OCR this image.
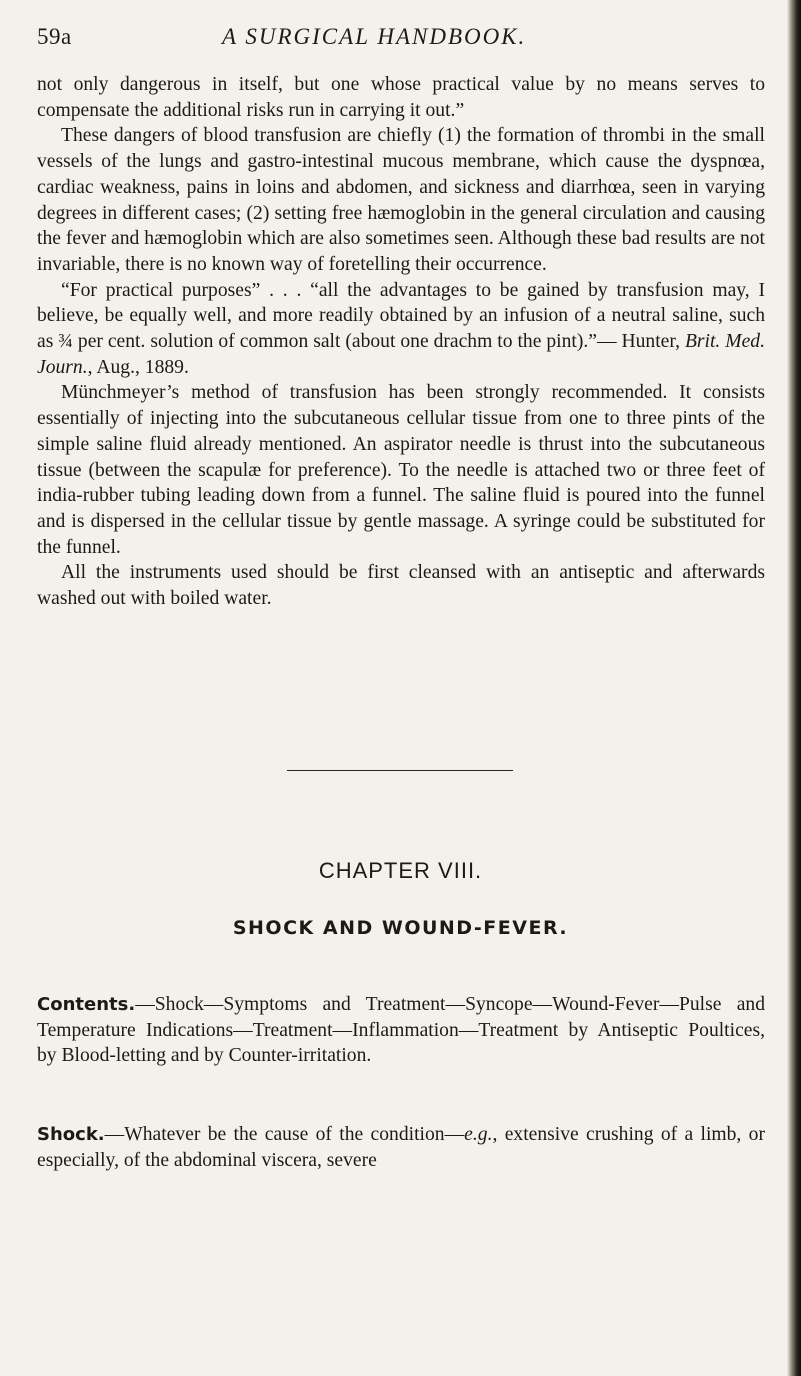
59a	A SURGICAL HANDBOOK.

not only dangerous in itself, but one whose practical value by no means serves to compensate the additional risks run in carrying it out.”

These dangers of blood transfusion are chiefly (1) the formation of thrombi in the small vessels of the lungs and gastro-intestinal mucous membrane, which cause the dyspnœa, cardiac weakness, pains in loins and abdomen, and sickness and diarrhœa, seen in varying degrees in different cases; (2) setting free hæmoglobin in the general circulation and causing the fever and hæmoglobin which are also sometimes seen. Although these bad results are not invariable, there is no known way of foretelling their occurrence.

“For practical purposes” . . . “all the advantages to be gained by transfusion may, I believe, be equally well, and more readily obtained by an infusion of a neutral saline, such as ¾ per cent. solution of common salt (about one drachm to the pint).”— Hunter, Brit. Med. Journ., Aug., 1889.

Münchmeyer’s method of transfusion has been strongly recommended. It consists essentially of injecting into the subcutaneous cellular tissue from one to three pints of the simple saline fluid already mentioned. An aspirator needle is thrust into the subcutaneous tissue (between the scapulæ for preference). To the needle is attached two or three feet of india-rubber tubing leading down from a funnel. The saline fluid is poured into the funnel and is dispersed in the cellular tissue by gentle massage. A syringe could be substituted for the funnel.

All the instruments used should be first cleansed with an antiseptic and afterwards washed out with boiled water.

CHAPTER VIII.
SHOCK AND WOUND-FEVER.

Contents.—Shock—Symptoms and Treatment—Syncope—Wound-Fever—Pulse and Temperature Indications—Treatment—Inflammation—Treatment by Antiseptic Poultices, by Blood-letting and by Counter-irritation.

Shock.—Whatever be the cause of the condition—e.g., extensive crushing of a limb, or especially, of the abdominal viscera, severe
